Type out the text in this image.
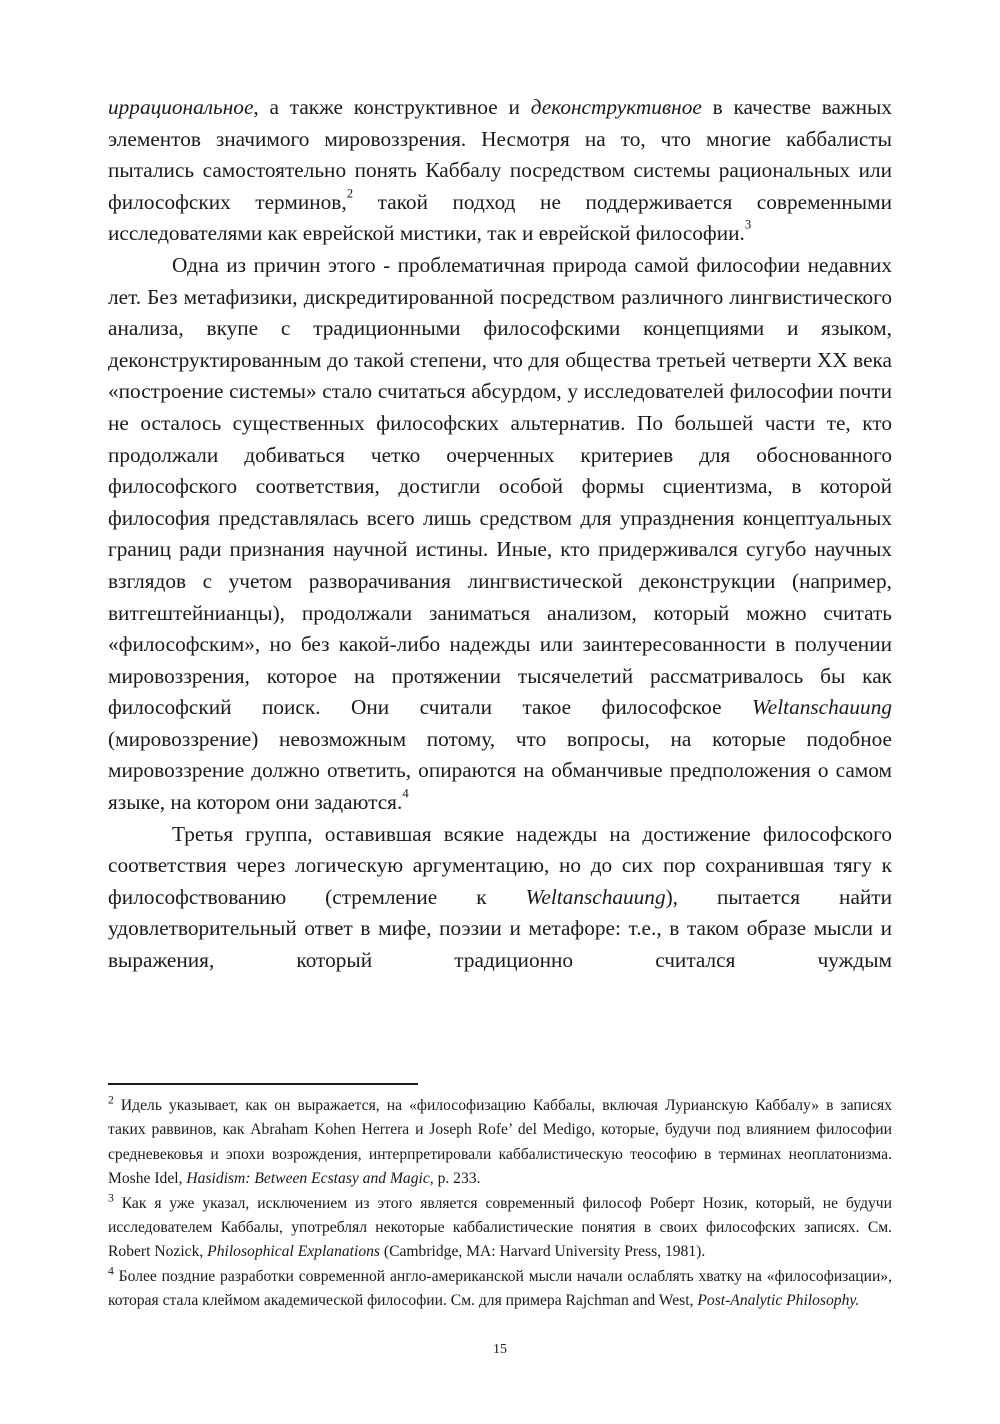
иррациональное, а также конструктивное и деконструктивное в качестве важных элементов значимого мировоззрения. Несмотря на то, что многие каббалисты пытались самостоятельно понять Каббалу посредством системы рациональных или философских терминов,$^2$ такой подход не поддерживается современными исследователями как еврейской мистики, так и еврейской философии.$^3$

Одна из причин этого - проблематичная природа самой философии недавних лет. Без метафизики, дискредитированной посредством различного лингвистического анализа, вкупе с традиционными философскими концепциями и языком, деконструктированным до такой степени, что для общества третьей четверти XX века «построение системы» стало считаться абсурдом, у исследователей философии почти не осталось существенных философских альтернатив. По большей части те, кто продолжали добиваться четко очерченных критериев для обоснованного философского соответствия, достигли особой формы сциентизма, в которой философия представлялась всего лишь средством для упразднения концептуальных границ ради признания научной истины. Иные, кто придерживался сугубо научных взглядов с учетом разворачивания лингвистической деконструкции (например, витгештейнианцы), продолжали заниматься анализом, который можно считать «философским», но без какой-либо надежды или заинтересованности в получении мировоззрения, которое на протяжении тысячелетий рассматривалось бы как философский поиск. Они считали такое философское Weltanschauung (мировоззрение) невозможным потому, что вопросы, на которые подобное мировоззрение должно ответить, опираются на обманчивые предположения о самом языке, на котором они задаются.$^4$

Третья группа, оставившая всякие надежды на достижение философского соответствия через логическую аргументацию, но до сих пор сохранившая тягу к философствованию (стремление к Weltanschauung), пытается найти удовлетворительный ответ в мифе, поэзии и метафоре: т.е., в таком образе мысли и выражения, который традиционно считался чуждым

$^2$ Идель указывает, как он выражается, на «философизацию Каббалы, включая Лурианскую Каббалу» в записях таких раввинов, как Abraham Kohen Herrera и Joseph Rofe’ del Medigo, которые, будучи под влиянием философии средневековья и эпохи возрождения, интерпретировали каббалистическую теософию в терминах неоплатонизма. Moshe Idel, Hasidism: Between Ecstasy and Magic, p. 233.

$^3$ Как я уже указал, исключением из этого является современный философ Роберт Нозик, который, не будучи исследователем Каббалы, употреблял некоторые каббалистические понятия в своих философских записях. См. Robert Nozick, Philosophical Explanations (Cambridge, MA: Harvard University Press, 1981).

$^4$ Более поздние разработки современной англо-американской мысли начали ослаблять хватку на «философизации», которая стала клеймом академической философии. См. для примера Rajchman and West, Post-Analytic Philosophy.

15
